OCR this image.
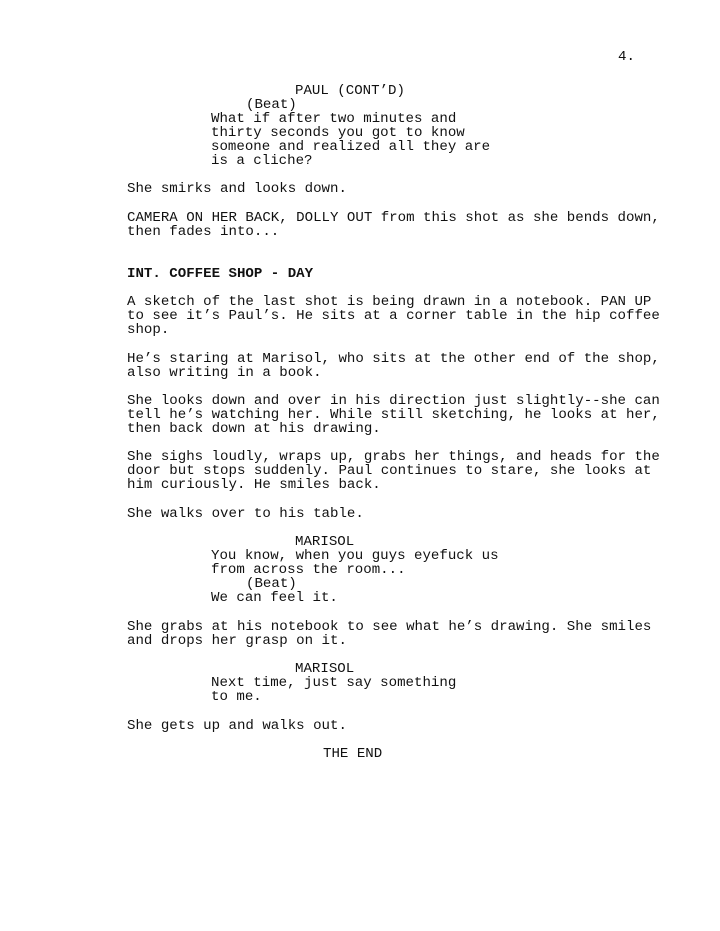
4.
PAUL (CONT’D)
(Beat)
What if after two minutes and
thirty seconds you got to know
someone and realized all they are
is a cliche?
She smirks and looks down.
CAMERA ON HER BACK, DOLLY OUT from this shot as she bends down,
then fades into...
INT. COFFEE SHOP - DAY
A sketch of the last shot is being drawn in a notebook. PAN UP
to see it’s Paul’s. He sits at a corner table in the hip coffee
shop.
He’s staring at Marisol, who sits at the other end of the shop,
also writing in a book.
She looks down and over in his direction just slightly--she can
tell he’s watching her. While still sketching, he looks at her,
then back down at his drawing.
She sighs loudly, wraps up, grabs her things, and heads for the
door but stops suddenly. Paul continues to stare, she looks at
him curiously. He smiles back.
She walks over to his table.
MARISOL
You know, when you guys eyefuck us
from across the room...
(Beat)
We can feel it.
She grabs at his notebook to see what he’s drawing. She smiles
and drops her grasp on it.
MARISOL
Next time, just say something
to me.
She gets up and walks out.
THE END
